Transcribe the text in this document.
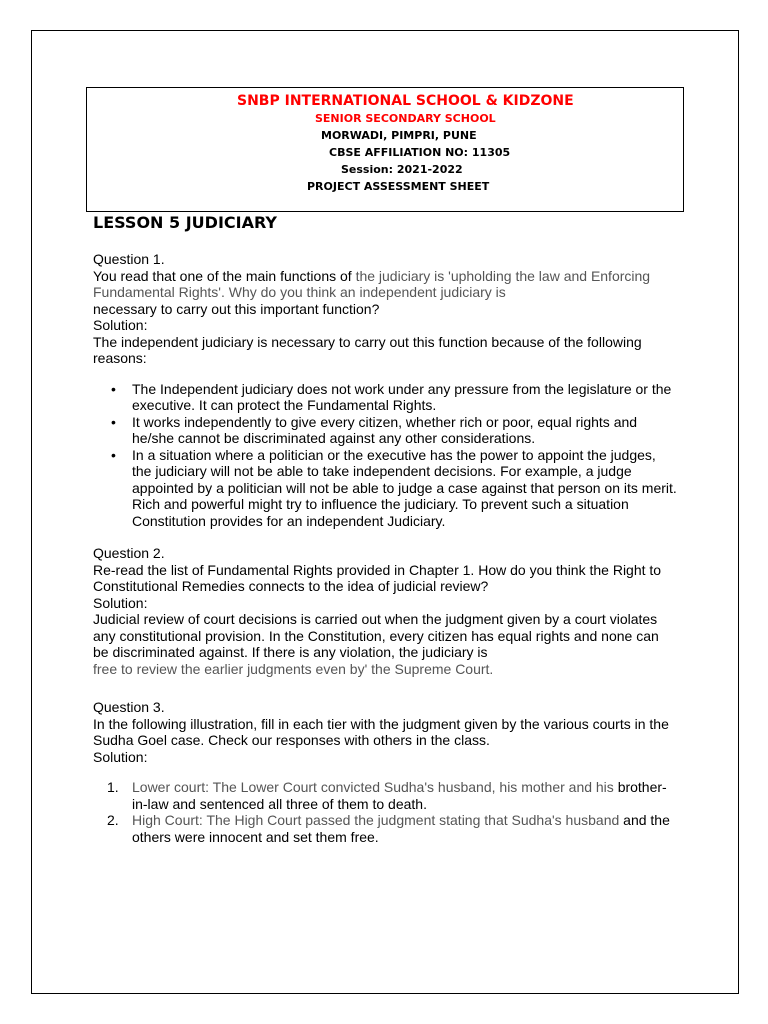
SNBP INTERNATIONAL SCHOOL & KIDZONE
SENIOR SECONDARY SCHOOL
MORWADI, PIMPRI, PUNE
CBSE AFFILIATION NO: 11305
Session: 2021-2022
PROJECT ASSESSMENT SHEET
LESSON 5 JUDICIARY

Question 1.

You read that one of the main functions of the judiciary is 'upholding the law and Enforcing Fundamental Rights'. Why do you think an independent judiciary is

necessary to carry out this important function?

Solution:

The independent judiciary is necessary to carry out this function because of the following reasons:

• The Independent judiciary does not work under any pressure from the legislature or the executive. It can protect the Fundamental Rights.
• It works independently to give every citizen, whether rich or poor, equal rights and he/she cannot be discriminated against any other considerations.
• In a situation where a politician or the executive has the power to appoint the judges, the judiciary will not be able to take independent decisions. For example, a judge appointed by a politician will not be able to judge a case against that person on its merit. Rich and powerful might try to influence the judiciary. To prevent such a situation Constitution provides for an independent Judiciary.

Question 2.

Re-read the list of Fundamental Rights provided in Chapter 1. How do you think the Right to Constitutional Remedies connects to the idea of judicial review?

Solution:

Judicial review of court decisions is carried out when the judgment given by a court violates any constitutional provision. In the Constitution, every citizen has equal rights and none can be discriminated against. If there is any violation, the judiciary is

free to review the earlier judgments even by' the Supreme Court.

Question 3.

In the following illustration, fill in each tier with the judgment given by the various courts in the Sudha Goel case. Check our responses with others in the class.

Solution:

1. Lower court: The Lower Court convicted Sudha's husband, his mother and his brother-in-law and sentenced all three of them to death.
2. High Court: The High Court passed the judgment stating that Sudha's husband and the others were innocent and set them free.
